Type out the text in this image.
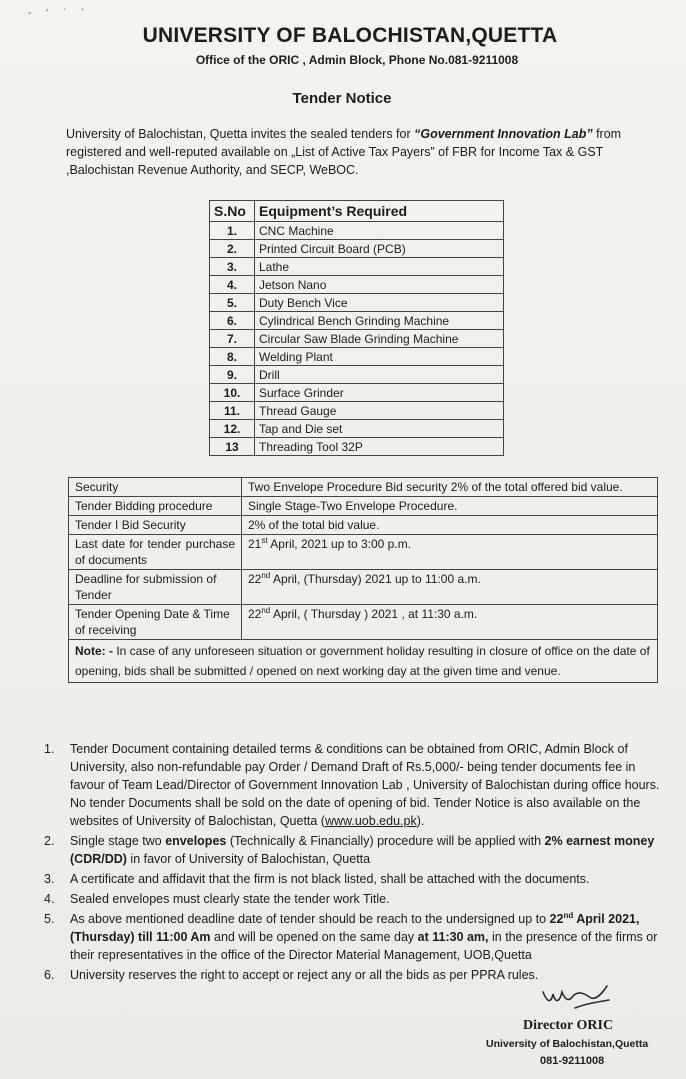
- ʻ ˙ ʼ
UNIVERSITY OF BALOCHISTAN,QUETTA
Office of the ORIC , Admin Block, Phone No.081-9211008
Tender Notice

University of Balochistan, Quetta invites the sealed tenders for “Government Innovation Lab” from registered and well-reputed available on „List of Active Tax Payers” of FBR for Income Tax & GST ,Balochistan Revenue Authority, and SECP, WeBOC.

S.No	Equipment’s Required
1.	CNC Machine
2.	Printed Circuit Board (PCB)
3.	Lathe
4.	Jetson Nano
5.	Duty Bench Vice
6.	Cylindrical Bench Grinding Machine
7.	Circular Saw Blade Grinding Machine
8.	Welding Plant
9.	Drill
10.	Surface Grinder
11.	Thread Gauge
12.	Tap and Die set
13	Threading Tool 32P
Security	Two Envelope Procedure Bid security 2% of the total offered bid value.
Tender Bidding procedure	Single Stage-Two Envelope Procedure.
Tender I Bid Security	2% of the total bid value.
Last date for tender purchase of documents	21st April, 2021 up to 3:00 p.m.
Deadline for submission of Tender	22nd April, (Thursday) 2021 up to 11:00 a.m.
Tender Opening Date & Time of receiving	22nd April, ( Thursday ) 2021 , at 11:30 a.m.
Note: - In case of any unforeseen situation or government holiday resulting in closure of office on the date of opening, bids shall be submitted / opened on next working day at the given time and venue.	
1.	Tender Document containing detailed terms & conditions can be obtained from ORIC, Admin Block of University, also non-refundable pay Order / Demand Draft of Rs.5,000/- being tender documents fee in favour of Team Lead/Director of Government Innovation Lab , University of Balochistan during office hours. No tender Documents shall be sold on the date of opening of bid. Tender Notice is also available on the websites of University of Balochistan, Quetta (www.uob.edu.pk).
2.	Single stage two envelopes (Technically & Financially) procedure will be applied with 2% earnest money (CDR/DD) in favor of University of Balochistan, Quetta
3.	A certificate and affidavit that the firm is not black listed, shall be attached with the documents.
4.	Sealed envelopes must clearly state the tender work Title.
5.	As above mentioned deadline date of tender should be reach to the undersigned up to 22nd April 2021, (Thursday) till 11:00 Am and will be opened on the same day at 11:30 am, in the presence of the firms or their representatives in the office of the Director Material Management, UOB,Quetta
6.	University reserves the right to accept or reject any or all the bids as per PPRA rules.
Director ORIC
University of Balochistan,Quetta
081-9211008
